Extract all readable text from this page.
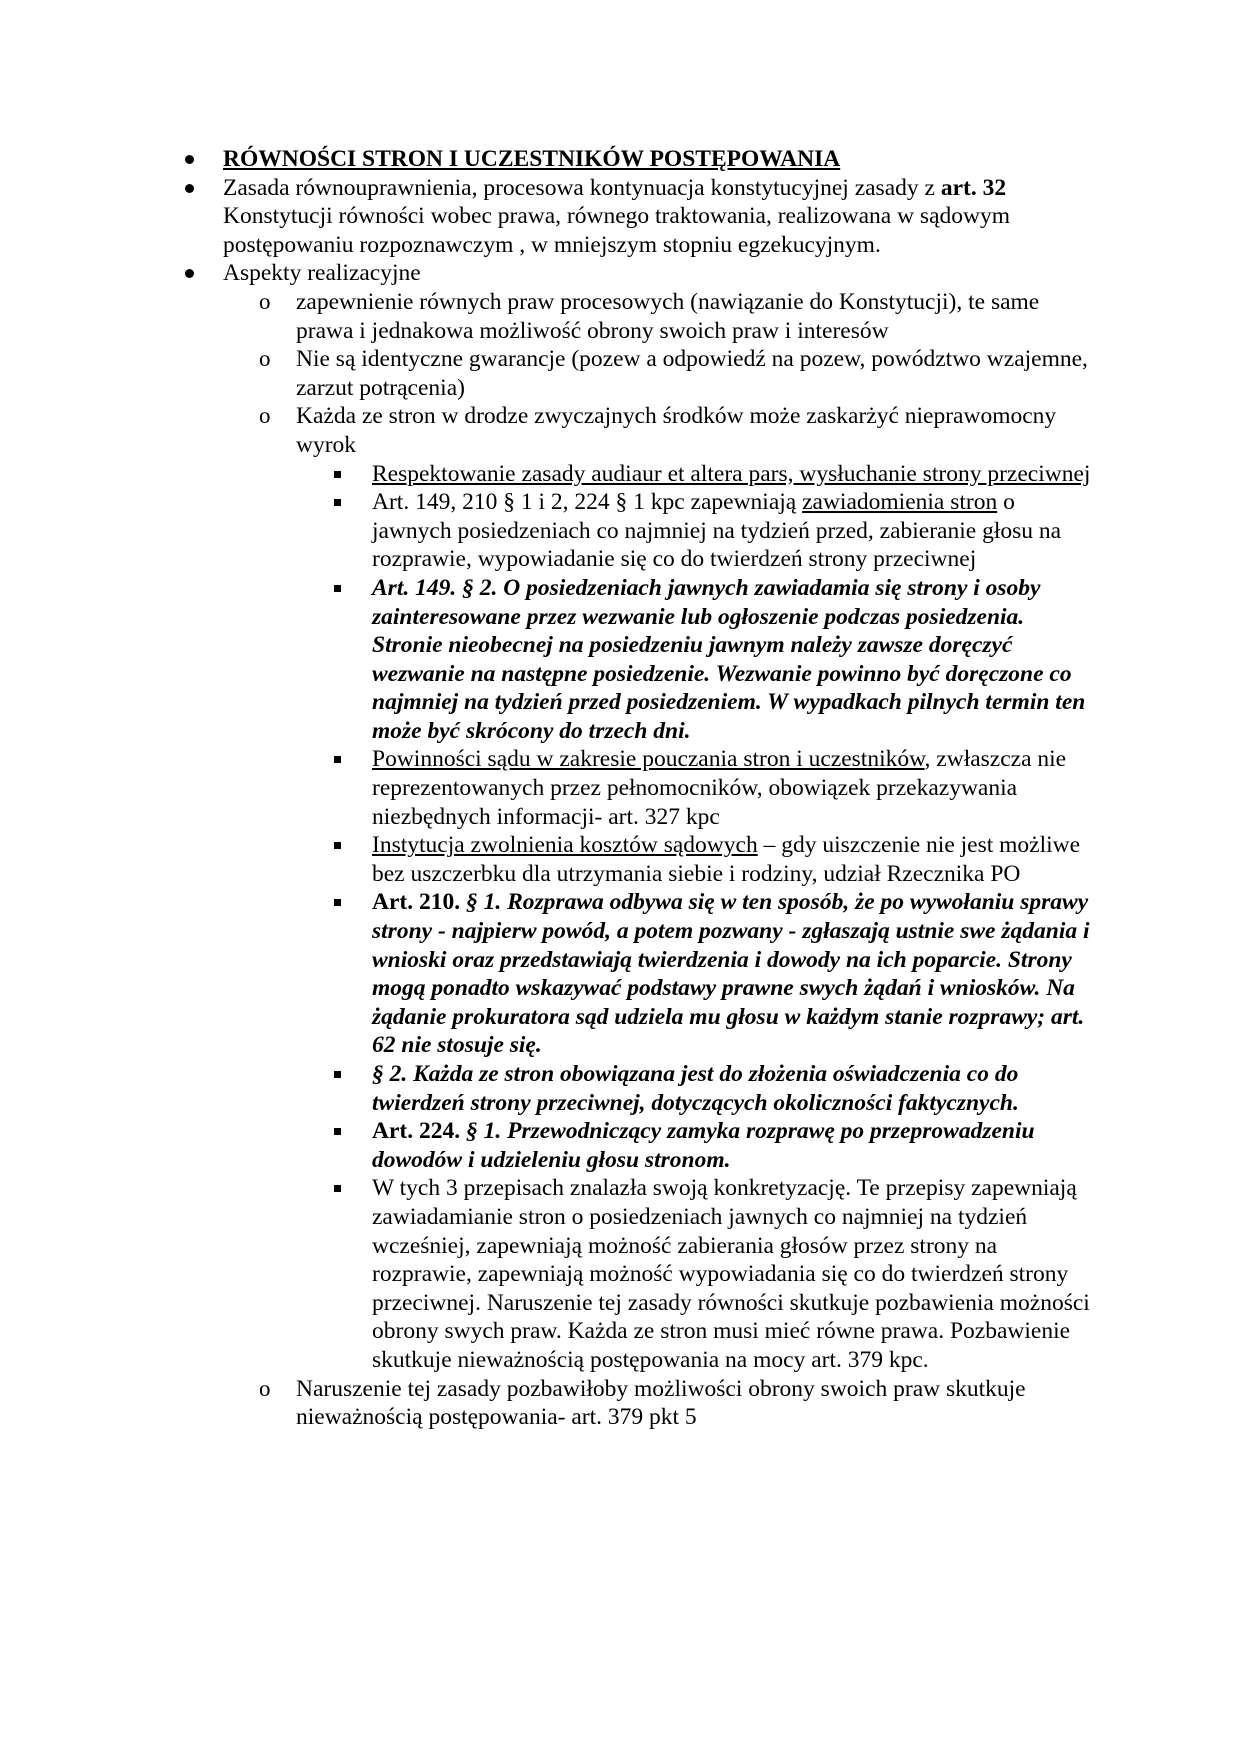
RÓWNOŚCI STRON I UCZESTNIKÓW POSTĘPOWANIA
Zasada równouprawnienia, procesowa kontynuacja konstytucyjnej zasady z art. 32 Konstytucji równości wobec prawa, równego traktowania, realizowana w sądowym postępowaniu rozpoznawczym , w mniejszym stopniu egzekucyjnym.
Aspekty realizacyjne
o zapewnienie równych praw procesowych (nawiązanie do Konstytucji), te same prawa i jednakowa możliwość obrony swoich praw i interesów
o Nie są identyczne gwarancje (pozew a odpowiedź na pozew, powództwo wzajemne, zarzut potrącenia)
o Każda ze stron w drodze zwyczajnych środków może zaskarżyć nieprawomocny wyrok
Respektowanie zasady audiaur et altera pars, wysłuchanie strony przeciwnej
Art. 149, 210 § 1 i 2, 224 § 1 kpc zapewniają zawiadomienia stron o jawnych posiedzeniach co najmniej na tydzień przed, zabieranie głosu na rozprawie, wypowiadanie się co do twierdzeń strony przeciwnej
Art. 149. § 2. O posiedzeniach jawnych zawiadamia się strony i osoby zainteresowane przez wezwanie lub ogłoszenie podczas posiedzenia. Stronie nieobecnej na posiedzeniu jawnym należy zawsze doręczyć wezwanie na następne posiedzenie. Wezwanie powinno być doręczone co najmniej na tydzień przed posiedzeniem. W wypadkach pilnych termin ten może być skrócony do trzech dni.
Powinności sądu w zakresie pouczania stron i uczestników, zwłaszcza nie reprezentowanych przez pełnomocników, obowiązek przekazywania niezbędnych informacji- art. 327 kpc
Instytucja zwolnienia kosztów sądowych – gdy uiszczenie nie jest możliwe bez uszczerbku dla utrzymania siebie i rodziny, udział Rzecznika PO
Art. 210. § 1. Rozprawa odbywa się w ten sposób, że po wywołaniu sprawy strony - najpierw powód, a potem pozwany - zgłaszają ustnie swe żądania i wnioski oraz przedstawiają twierdzenia i dowody na ich poparcie. Strony mogą ponadto wskazywać podstawy prawne swych żądań i wniosków. Na żądanie prokuratora sąd udziela mu głosu w każdym stanie rozprawy; art. 62 nie stosuje się.
§ 2. Każda ze stron obowiązana jest do złożenia oświadczenia co do twierdzeń strony przeciwnej, dotyczących okoliczności faktycznych.
Art. 224. § 1. Przewodniczący zamyka rozprawę po przeprowadzeniu dowodów i udzieleniu głosu stronom.
W tych 3 przepisach znalazła swoją konkretyzację. Te przepisy zapewniają zawiadamianie stron o posiedzeniach jawnych co najmniej na tydzień wcześniej, zapewniają możność zabierania głosów przez strony na rozprawie, zapewniają możność wypowiadania się co do twierdzeń strony przeciwnej. Naruszenie tej zasady równości skutkuje pozbawienia możności obrony swych praw. Każda ze stron musi mieć równe prawa. Pozbawienie skutkuje nieważnością postępowania na mocy art. 379 kpc.
o Naruszenie tej zasady pozbawiłoby możliwości obrony swoich praw skutkuje nieważnością postępowania- art. 379 pkt 5
